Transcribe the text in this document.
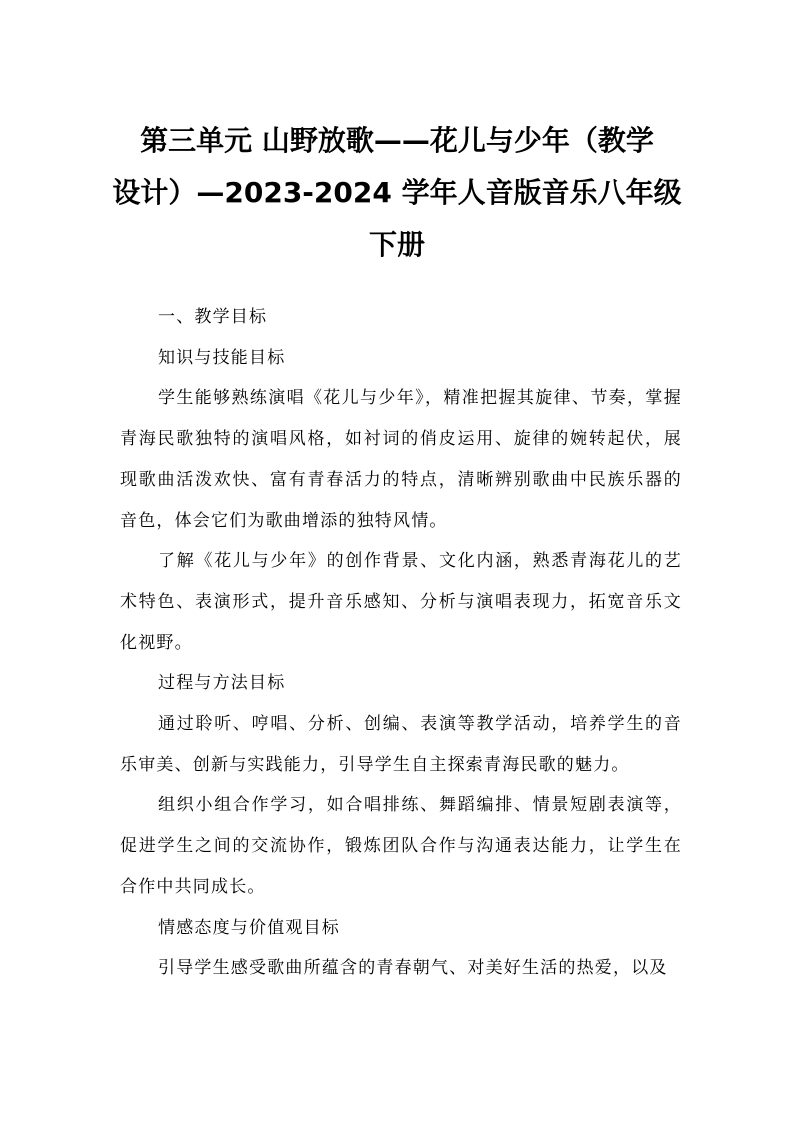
第三单元 山野放歌——花儿与少年（教学
设计）—2023-2024 学年人音版音乐八年级
下册

一、教学目标

知识与技能目标

学生能够熟练演唱《花儿与少年》，精准把握其旋律、节奏，掌握青海民歌独特的演唱风格，如衬词的俏皮运用、旋律的婉转起伏，展现歌曲活泼欢快、富有青春活力的特点，清晰辨别歌曲中民族乐器的音色，体会它们为歌曲增添的独特风情。

了解《花儿与少年》的创作背景、文化内涵，熟悉青海花儿的艺术特色、表演形式，提升音乐感知、分析与演唱表现力，拓宽音乐文化视野。

过程与方法目标

通过聆听、哼唱、分析、创编、表演等教学活动，培养学生的音乐审美、创新与实践能力，引导学生自主探索青海民歌的魅力。

组织小组合作学习，如合唱排练、舞蹈编排、情景短剧表演等，促进学生之间的交流协作，锻炼团队合作与沟通表达能力，让学生在合作中共同成长。

情感态度与价值观目标

引导学生感受歌曲所蕴含的青春朝气、对美好生活的热爱，以及
